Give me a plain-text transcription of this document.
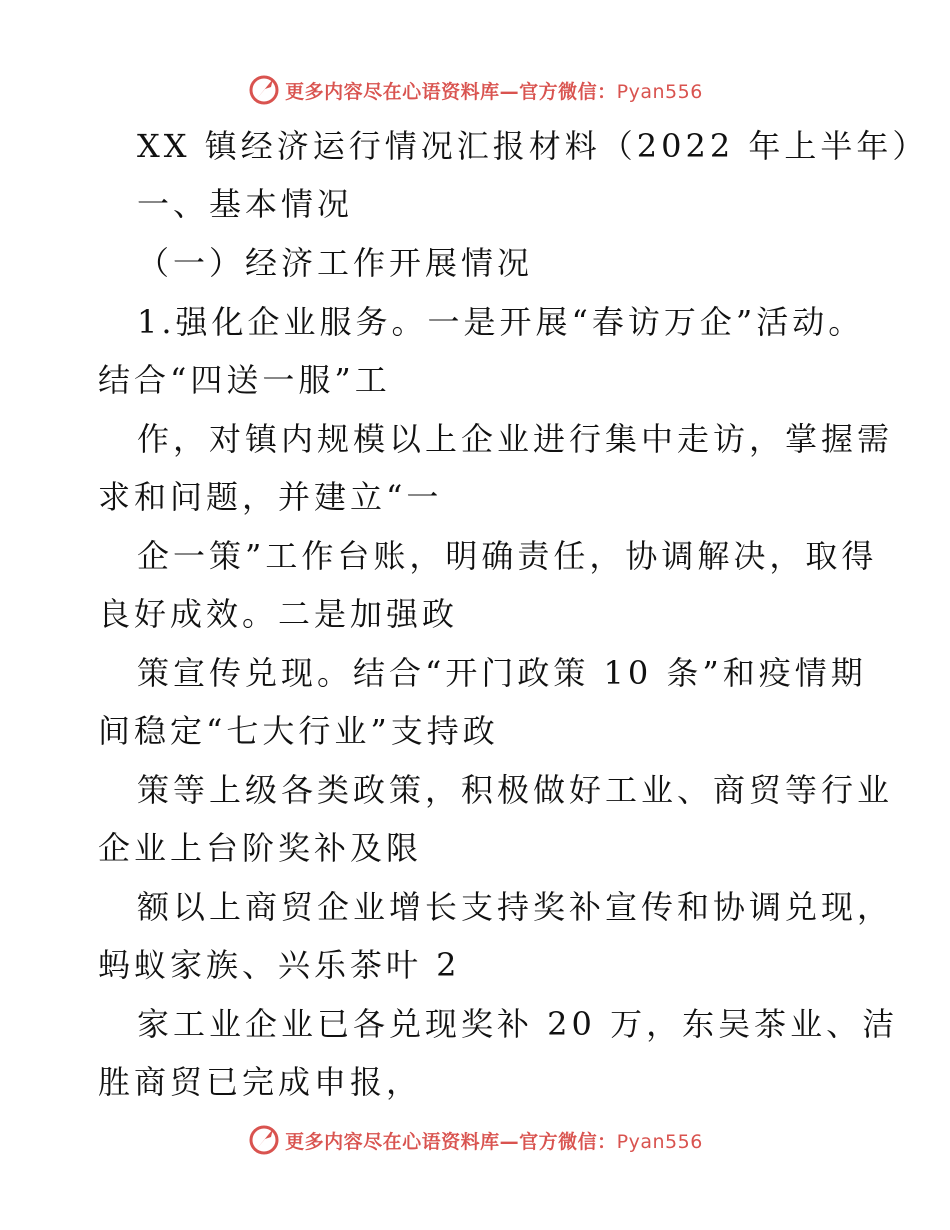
更多内容尽在心语资料库—官方微信：Pyan556
XX 镇经济运行情况汇报材料（2022 年上半年）
一、基本情况
（一）经济工作开展情况
1.强化企业服务。一是开展“春访万企”活动。
结合“四送一服”工
作，对镇内规模以上企业进行集中走访，掌握需
求和问题，并建立“一
企一策”工作台账，明确责任，协调解决，取得
良好成效。二是加强政
策宣传兑现。结合“开门政策 10 条”和疫情期
间稳定“七大行业”支持政
策等上级各类政策，积极做好工业、商贸等行业
企业上台阶奖补及限
额以上商贸企业增长支持奖补宣传和协调兑现，
蚂蚁家族、兴乐茶叶 2
家工业企业已各兑现奖补 20 万，东吴茶业、洁
胜商贸已完成申报，
更多内容尽在心语资料库—官方微信：Pyan556
